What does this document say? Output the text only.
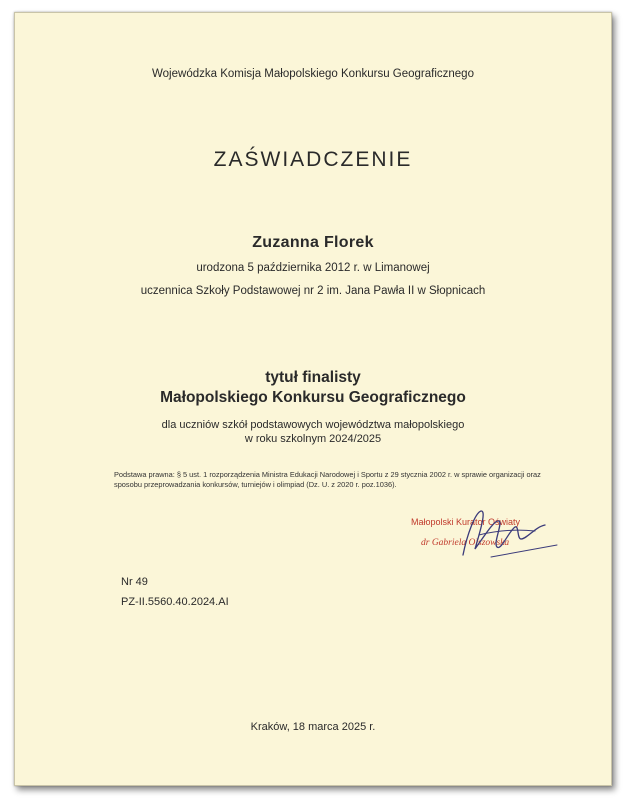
Wojewódzka Komisja Małopolskiego Konkursu Geograficznego
ZAŚWIADCZENIE
Zuzanna Florek
urodzona 5 października 2012 r. w Limanowej
uczennica Szkoły Podstawowej nr 2 im. Jana Pawła II w Słopnicach
tytuł finalisty
Małopolskiego Konkursu Geograficznego
dla uczniów szkół podstawowych województwa małopolskiego
w roku szkolnym 2024/2025
Podstawa prawna: § 5 ust. 1 rozporządzenia Ministra Edukacji Narodowej i Sportu z 29 stycznia 2002 r. w sprawie organizacji oraz sposobu przeprowadzania konkursów, turniejów i olimpiad (Dz. U. z 2020 r. poz.1036).
Małopolski Kurator Oświaty
dr Gabriela Olszowska
Nr 49
PZ-II.5560.40.2024.AI
Kraków, 18 marca 2025 r.
